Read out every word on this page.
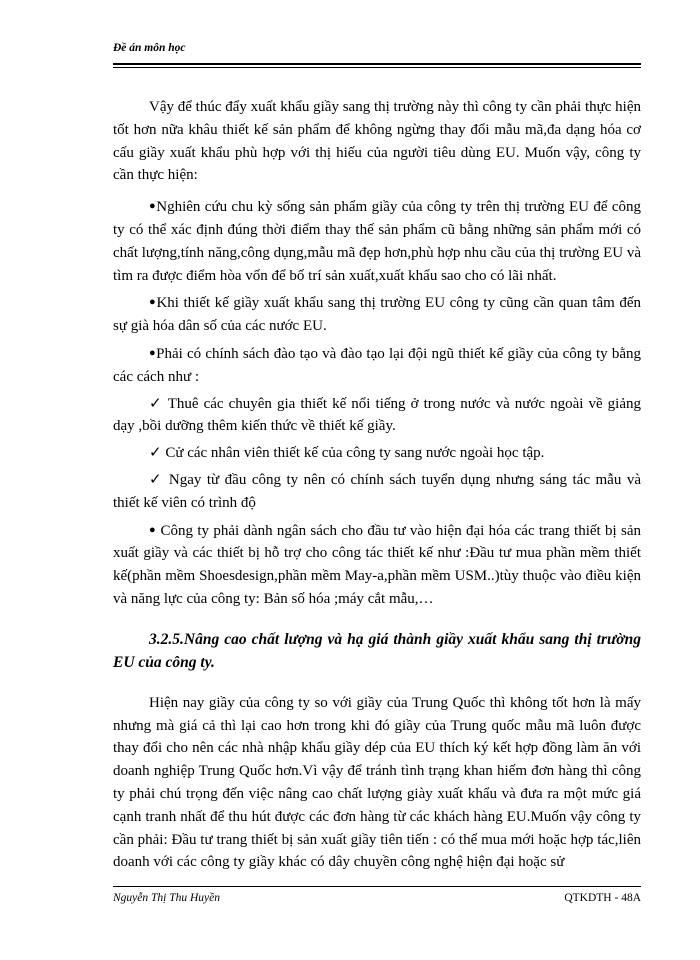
Đề án môn học

Vậy để thúc đẩy xuất khẩu giầy sang thị trường này thì công ty cần phải thực hiện tốt hơn nữa khâu thiết kế sản phẩm để không ngừng thay đổi mẫu mã,đa dạng hóa cơ cấu giầy xuất khẩu phù hợp với thị hiếu của người tiêu dùng EU. Muốn vậy, công ty cần thực hiện:

●Nghiên cứu chu kỳ sống sản phẩm giầy của công ty trên thị trường EU để công ty có thể xác định đúng thời điểm thay thế sản phẩm cũ bằng những sản phẩm mới có chất lượng,tính năng,công dụng,mẫu mã đẹp hơn,phù hợp nhu cầu của thị trường EU và tìm ra được điểm hòa vốn để bố trí sản xuất,xuất khẩu sao cho có lãi nhất.

●Khi thiết kế giầy xuất khẩu sang thị trường EU công ty cũng cần quan tâm đến sự già hóa dân số của các nước EU.

●Phải có chính sách đào tạo và đào tạo lại đội ngũ thiết kế giầy của công ty bằng các cách như :

✓ Thuê các chuyên gia thiết kế nổi tiếng ở trong nước và nước ngoài về giảng dạy ,bồi dưỡng thêm kiến thức về thiết kế giầy.

✓ Cử các nhân viên thiết kế của công ty sang nước ngoài học tập.

✓ Ngay từ đầu công ty nên có chính sách tuyển dụng nhưng sáng tác mẫu và thiết kế viên có trình độ

● Công ty phải dành ngân sách cho đầu tư vào hiện đại hóa các trang thiết bị sản xuất giầy và các thiết bị hỗ trợ cho công tác thiết kế như :Đầu tư mua phần mềm thiết kế(phần mềm Shoesdesign,phần mềm May-a,phần mềm USM..)tùy thuộc vào điều kiện và năng lực của công ty: Bản số hóa ;máy cắt mẫu,…

3.2.5.Nâng cao chất lượng và hạ giá thành giầy xuất khẩu sang thị trường EU của công ty.

Hiện nay giầy của công ty so với giầy của Trung Quốc thì không tốt hơn là mấy nhưng mà giá cả thì lại cao hơn trong khi đó giầy của Trung quốc mẫu mã luôn được thay đổi cho nên các nhà nhập khẩu giầy dép của EU thích ký kết hợp đồng làm ăn với doanh nghiệp Trung Quốc hơn.Vì vậy để tránh tình trạng khan hiếm đơn hàng thì công ty phải chú trọng đến việc nâng cao chất lượng giày xuất khẩu và đưa ra một mức giá cạnh tranh nhất để thu hút được các đơn hàng từ các khách hàng EU.Muốn vậy công ty cần phải: Đầu tư trang thiết bị sản xuất giầy tiên tiến : có thể mua mới hoặc hợp tác,liên doanh với các công ty giầy khác có dây chuyền công nghệ hiện đại hoặc sử

Nguyễn Thị Thu Huyền	QTKDTH - 48A
